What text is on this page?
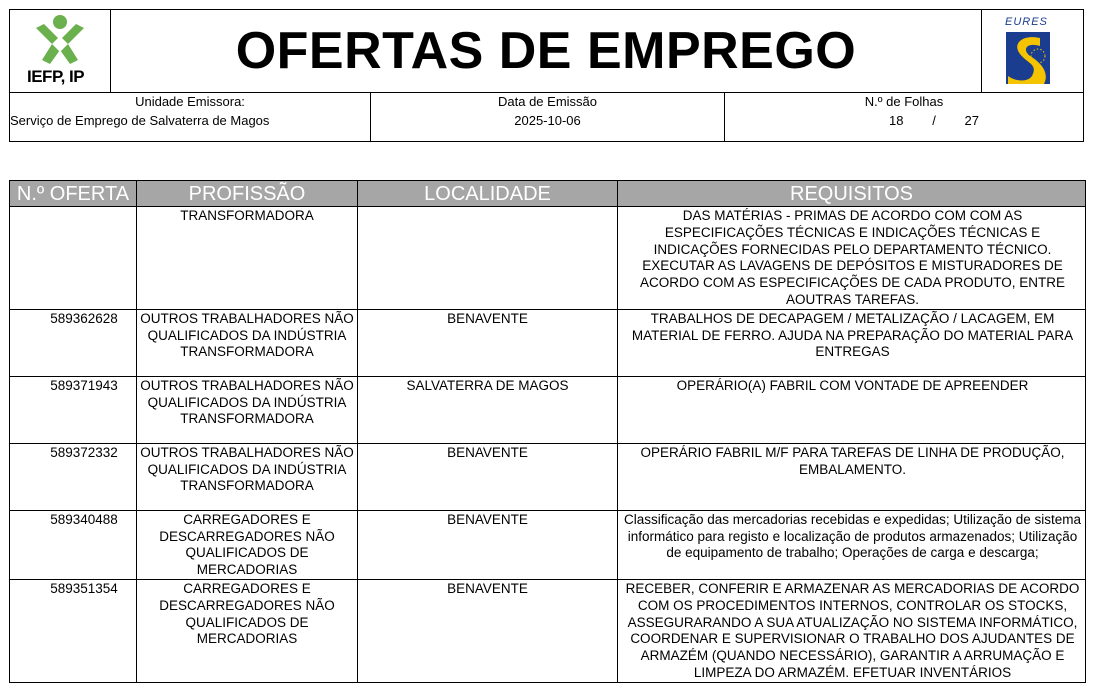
IEFP, IP	OFERTAS DE EMPREGO	EURES
Unidade Emissora:
Serviço de Emprego de Salvaterra de Magos
Data de Emissão
2025-10-06
N.º de Folhas
18 / 27
N.º OFERTA	PROFISSÃO	LOCALIDADE	REQUISITOS
	TRANSFORMADORA		DAS MATÉRIAS - PRIMAS DE ACORDO COM COM AS ESPECIFICAÇÕES TÉCNICAS E INDICAÇÕES TÉCNICAS E INDICAÇÕES FORNECIDAS PELO DEPARTAMENTO TÉCNICO. EXECUTAR AS LAVAGENS DE DEPÓSITOS E MISTURADORES DE ACORDO COM AS ESPECIFICAÇÕES DE CADA PRODUTO, ENTRE AOUTRAS TAREFAS.
589362628	OUTROS TRABALHADORES NÃO QUALIFICADOS DA INDÚSTRIA TRANSFORMADORA	BENAVENTE	TRABALHOS DE DECAPAGEM / METALIZAÇÃO / LACAGEM, EM MATERIAL DE FERRO. AJUDA NA PREPARAÇÃO DO MATERIAL PARA ENTREGAS
589371943	OUTROS TRABALHADORES NÃO QUALIFICADOS DA INDÚSTRIA TRANSFORMADORA	SALVATERRA DE MAGOS	OPERÁRIO(A) FABRIL COM VONTADE DE APREENDER
589372332	OUTROS TRABALHADORES NÃO QUALIFICADOS DA INDÚSTRIA TRANSFORMADORA	BENAVENTE	OPERÁRIO FABRIL M/F PARA TAREFAS DE LINHA DE PRODUÇÃO, EMBALAMENTO.
589340488	CARREGADORES E DESCARREGADORES NÃO QUALIFICADOS DE MERCADORIAS	BENAVENTE	Classificação das mercadorias recebidas e expedidas; Utilização de sistema informático para registo e localização de produtos armazenados; Utilização de equipamento de trabalho; Operações de carga e descarga;
589351354	CARREGADORES E DESCARREGADORES NÃO QUALIFICADOS DE MERCADORIAS	BENAVENTE	RECEBER, CONFERIR E ARMAZENAR AS MERCADORIAS DE ACORDO COM OS PROCEDIMENTOS INTERNOS, CONTROLAR OS STOCKS, ASSEGURARANDO A SUA ATUALIZAÇÃO NO SISTEMA INFORMÁTICO, COORDENAR E SUPERVISIONAR O TRABALHO DOS AJUDANTES DE ARMAZÉM (QUANDO NECESSÁRIO), GARANTIR A ARRUMAÇÃO E LIMPEZA DO ARMAZÉM. EFETUAR INVENTÁRIOS
